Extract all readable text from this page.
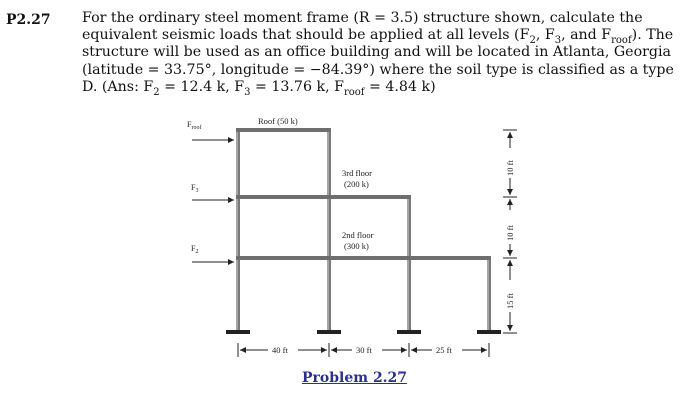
P2.27 For the ordinary steel moment frame (R = 3.5) structure shown, calculate the equivalent seismic loads that should be applied at all levels ($F_2$, $F_3$, and $F_{roof}$). The structure will be used as an office building and will be located in Atlanta, Georgia (latitude = 33.75°, longitude = −84.39°) where the soil type is classified as a type D. (Ans: $F_2 = 12.4$ k, $F_3 = 13.76$ k, $F_{roof} = 4.84$ k)
$F_{roof}$
$F_3$
$F_2$
Roof (50 k)
3rd floor
(200 k)
2nd floor
(300 k)
40 ft	30 ft	25 ft
10 ft
10 ft
15 ft
Problem 2.27
